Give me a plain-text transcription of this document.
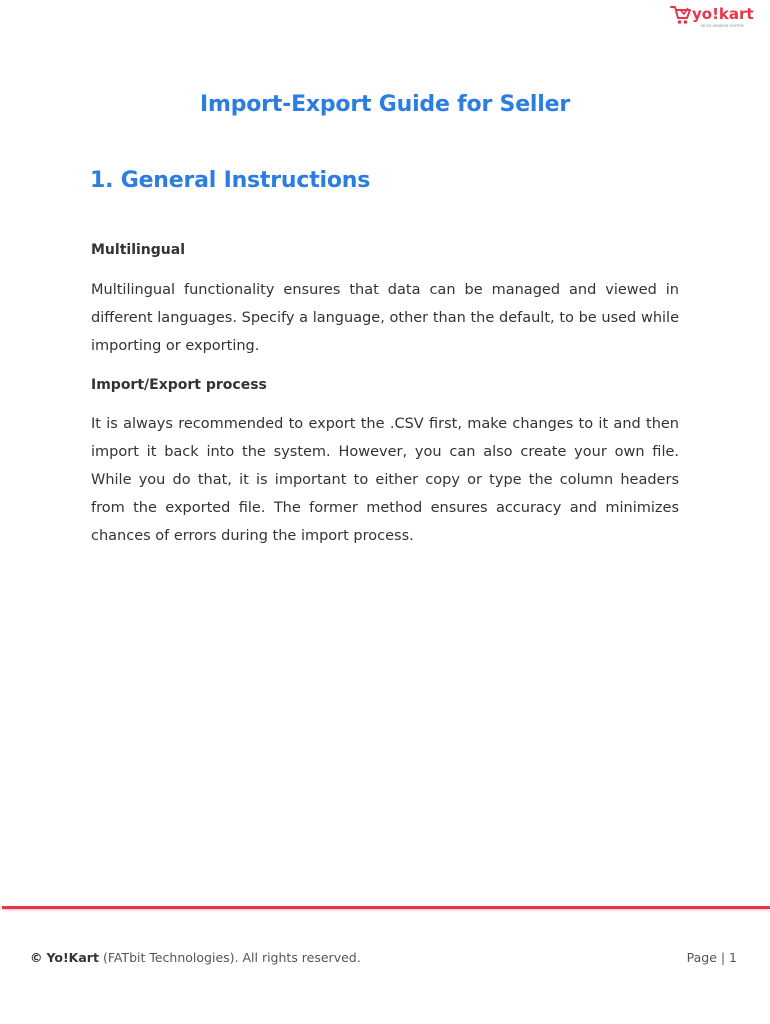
yo!kart
MULTI-VENDOR SYSTEM
Import-Export Guide for Seller
1. General Instructions
Multilingual

Multilingual functionality ensures that data can be managed and viewed in different languages. Specify a language, other than the default, to be used while importing or exporting.

Import/Export process

It is always recommended to export the .CSV first, make changes to it and then import it back into the system. However, you can also create your own file. While you do that, it is important to either copy or type the column headers from the exported file. The former method ensures accuracy and minimizes chances of errors during the import process.

© Yo!Kart (FATbit Technologies). All rights reserved.	Page | 1
